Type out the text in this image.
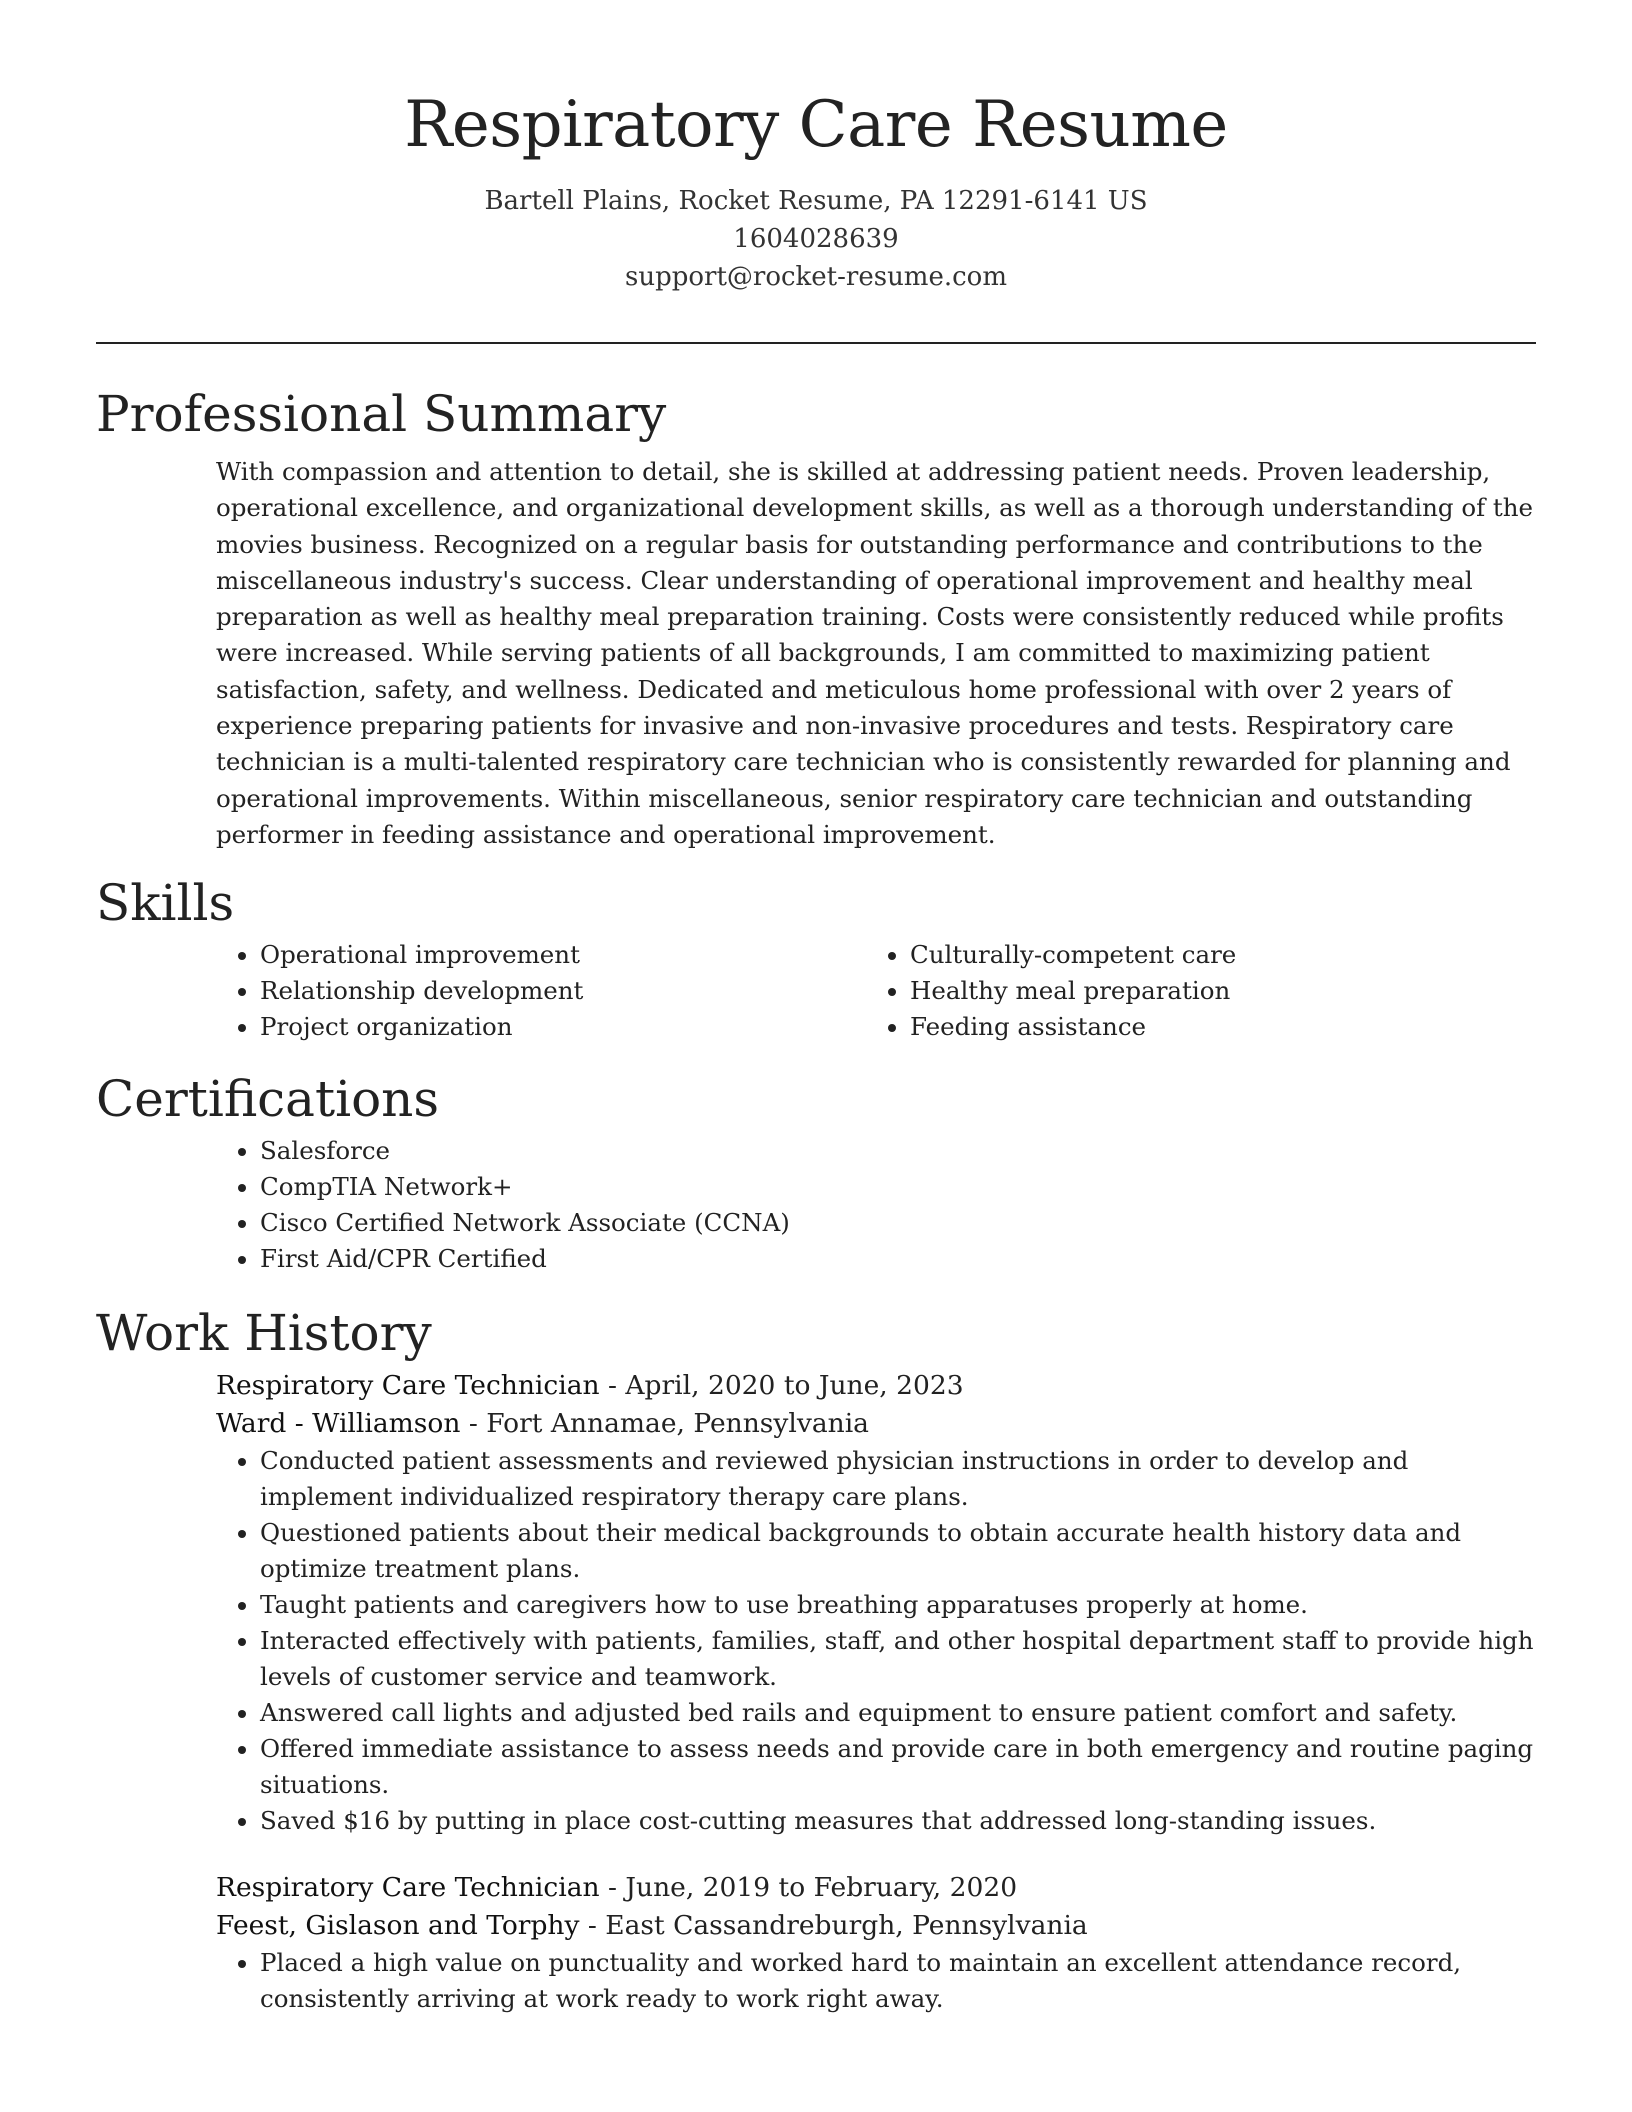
Respiratory Care Resume
Bartell Plains, Rocket Resume, PA 12291-6141 US
1604028639
support@rocket-resume.com
Professional Summary

With compassion and attention to detail, she is skilled at addressing patient needs. Proven leadership, operational excellence, and organizational development skills, as well as a thorough understanding of the movies business. Recognized on a regular basis for outstanding performance and contributions to the miscellaneous industry's success. Clear understanding of operational improvement and healthy meal preparation as well as healthy meal preparation training. Costs were consistently reduced while profits were increased. While serving patients of all backgrounds, I am committed to maximizing patient satisfaction, safety, and wellness. Dedicated and meticulous home professional with over 2 years of experience preparing patients for invasive and non-invasive procedures and tests. Respiratory care technician is a multi-talented respiratory care technician who is consistently rewarded for planning and operational improvements. Within miscellaneous, senior respiratory care technician and outstanding performer in feeding assistance and operational improvement.

Skills
• Operational improvement
• Relationship development
• Project organization
• Culturally-competent care
• Healthy meal preparation
• Feeding assistance
Certifications
• Salesforce
• CompTIA Network+
• Cisco Certified Network Associate (CCNA)
• First Aid/CPR Certified
Work History
Respiratory Care Technician - April, 2020 to June, 2023
Ward - Williamson - Fort Annamae, Pennsylvania
• Conducted patient assessments and reviewed physician instructions in order to develop and implement individualized respiratory therapy care plans.
• Questioned patients about their medical backgrounds to obtain accurate health history data and optimize treatment plans.
• Taught patients and caregivers how to use breathing apparatuses properly at home.
• Interacted effectively with patients, families, staff, and other hospital department staff to provide high levels of customer service and teamwork.
• Answered call lights and adjusted bed rails and equipment to ensure patient comfort and safety.
• Offered immediate assistance to assess needs and provide care in both emergency and routine paging situations.
• Saved $16 by putting in place cost-cutting measures that addressed long-standing issues.
Respiratory Care Technician - June, 2019 to February, 2020
Feest, Gislason and Torphy - East Cassandreburgh, Pennsylvania
• Placed a high value on punctuality and worked hard to maintain an excellent attendance record, consistently arriving at work ready to work right away.
